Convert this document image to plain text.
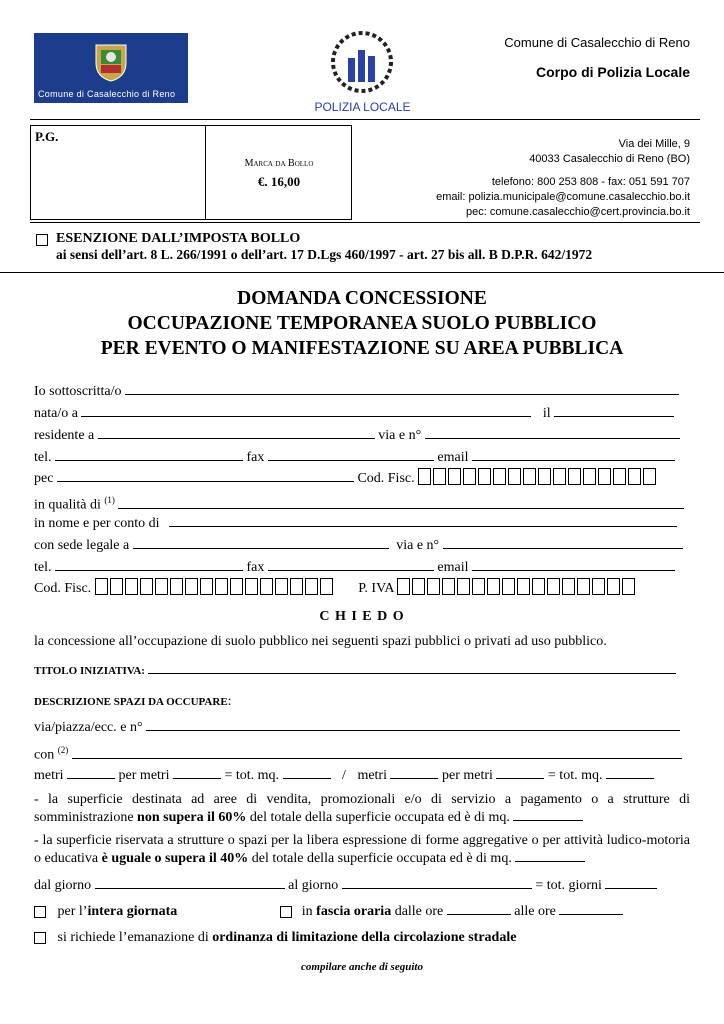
Comune di Casalecchio di Reno
POLIZIA LOCALE
Comune di Casalecchio di Reno
Corpo di Polizia Locale
P.G.
Marca da Bollo
€. 16,00
Via dei Mille, 9
40033 Casalecchio di Reno (BO)
telefono: 800 253 808 - fax: 051 591 707
email: polizia.municipale@comune.casalecchio.bo.it
pec: comune.casalecchio@cert.provincia.bo.it
ESENZIONE DALL’IMPOSTA BOLLO
ai sensi dell’art. 8 L. 266/1991 o dell’art. 17 D.Lgs 460/1997 - art. 27 bis all. B D.P.R. 642/1972
DOMANDA CONCESSIONE
OCCUPAZIONE TEMPORANEA SUOLO PUBBLICO
PER EVENTO O MANIFESTAZIONE SU AREA PUBBLICA
Io sottoscritta/o
nata/o a	il
residente a	via e n°
tel.	fax	email
pec	Cod. Fisc.
in qualità di $^{(1)}$
in nome e per conto di
con sede legale a	via e n°
tel.	fax	email
Cod. Fisc.	P. IVA
C H I E D O
la concessione all’occupazione di suolo pubblico nei seguenti spazi pubblici o privati ad uso pubblico.
TITOLO INIZIATIVA:
DESCRIZIONE SPAZI DA OCCUPARE:
via/piazza/ecc. e n°
con $^{(2)}$
metri	per metri	= tot. mq.	/ metri	per metri	= tot. mq.
- la superficie destinata ad aree di vendita, promozionali e/o di servizio a pagamento o a strutture di somministrazione non supera il 60% del totale della superficie occupata ed è di mq.
- la superficie riservata a strutture o spazi per la libera espressione di forme aggregative o per attività ludico-motoria o educativa è uguale o supera il 40% del totale della superficie occupata ed è di mq.
dal giorno	al giorno	= tot. giorni
per l’intera giornata	in fascia oraria dalle ore	alle ore
si richiede l’emanazione di ordinanza di limitazione della circolazione stradale
compilare anche di seguito
